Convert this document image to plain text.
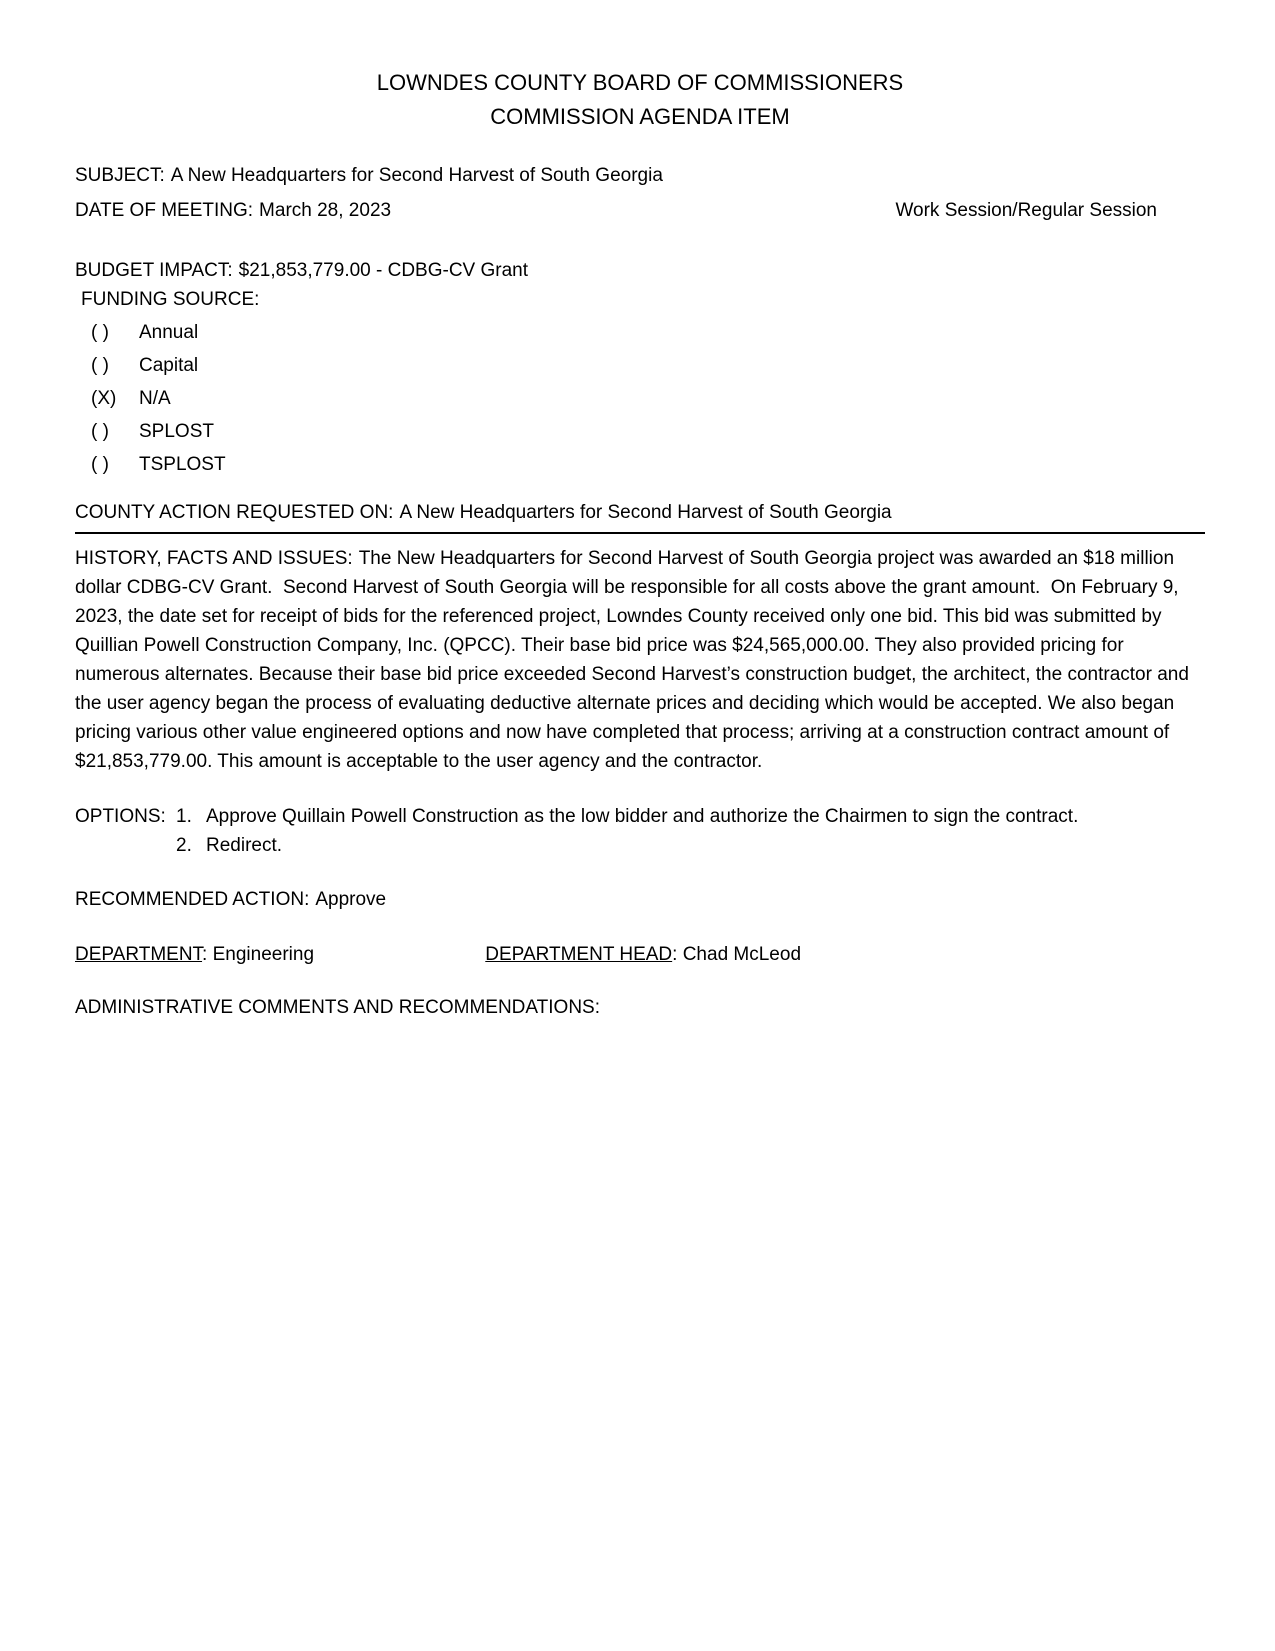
LOWNDES COUNTY BOARD OF COMMISSIONERS
COMMISSION AGENDA ITEM
SUBJECT: A New Headquarters for Second Harvest of South Georgia
DATE OF MEETING: March 28, 2023	Work Session/Regular Session
BUDGET IMPACT: $21,853,779.00 - CDBG-CV Grant
FUNDING SOURCE:
( )	Annual
( )	Capital
(X)	N/A
( )	SPLOST
( )	TSPLOST
COUNTY ACTION REQUESTED ON: A New Headquarters for Second Harvest of South Georgia
HISTORY, FACTS AND ISSUES: The New Headquarters for Second Harvest of South Georgia project was awarded an $18 million dollar CDBG-CV Grant.  Second Harvest of South Georgia will be responsible for all costs above the grant amount.  On February 9, 2023, the date set for receipt of bids for the referenced project, Lowndes County received only one bid. This bid was submitted by Quillian Powell Construction Company, Inc. (QPCC). Their base bid price was $24,565,000.00. They also provided pricing for numerous alternates. Because their base bid price exceeded Second Harvest’s construction budget, the architect, the contractor and the user agency began the process of evaluating deductive alternate prices and deciding which would be accepted. We also began pricing various other value engineered options and now have completed that process; arriving at a construction contract amount of $21,853,779.00. This amount is acceptable to the user agency and the contractor.
OPTIONS: 1. Approve Quillain Powell Construction as the low bidder and authorize the Chairmen to sign the contract.
2. Redirect.
RECOMMENDED ACTION: Approve
DEPARTMENT: Engineering	DEPARTMENT HEAD: Chad McLeod
ADMINISTRATIVE COMMENTS AND RECOMMENDATIONS:
